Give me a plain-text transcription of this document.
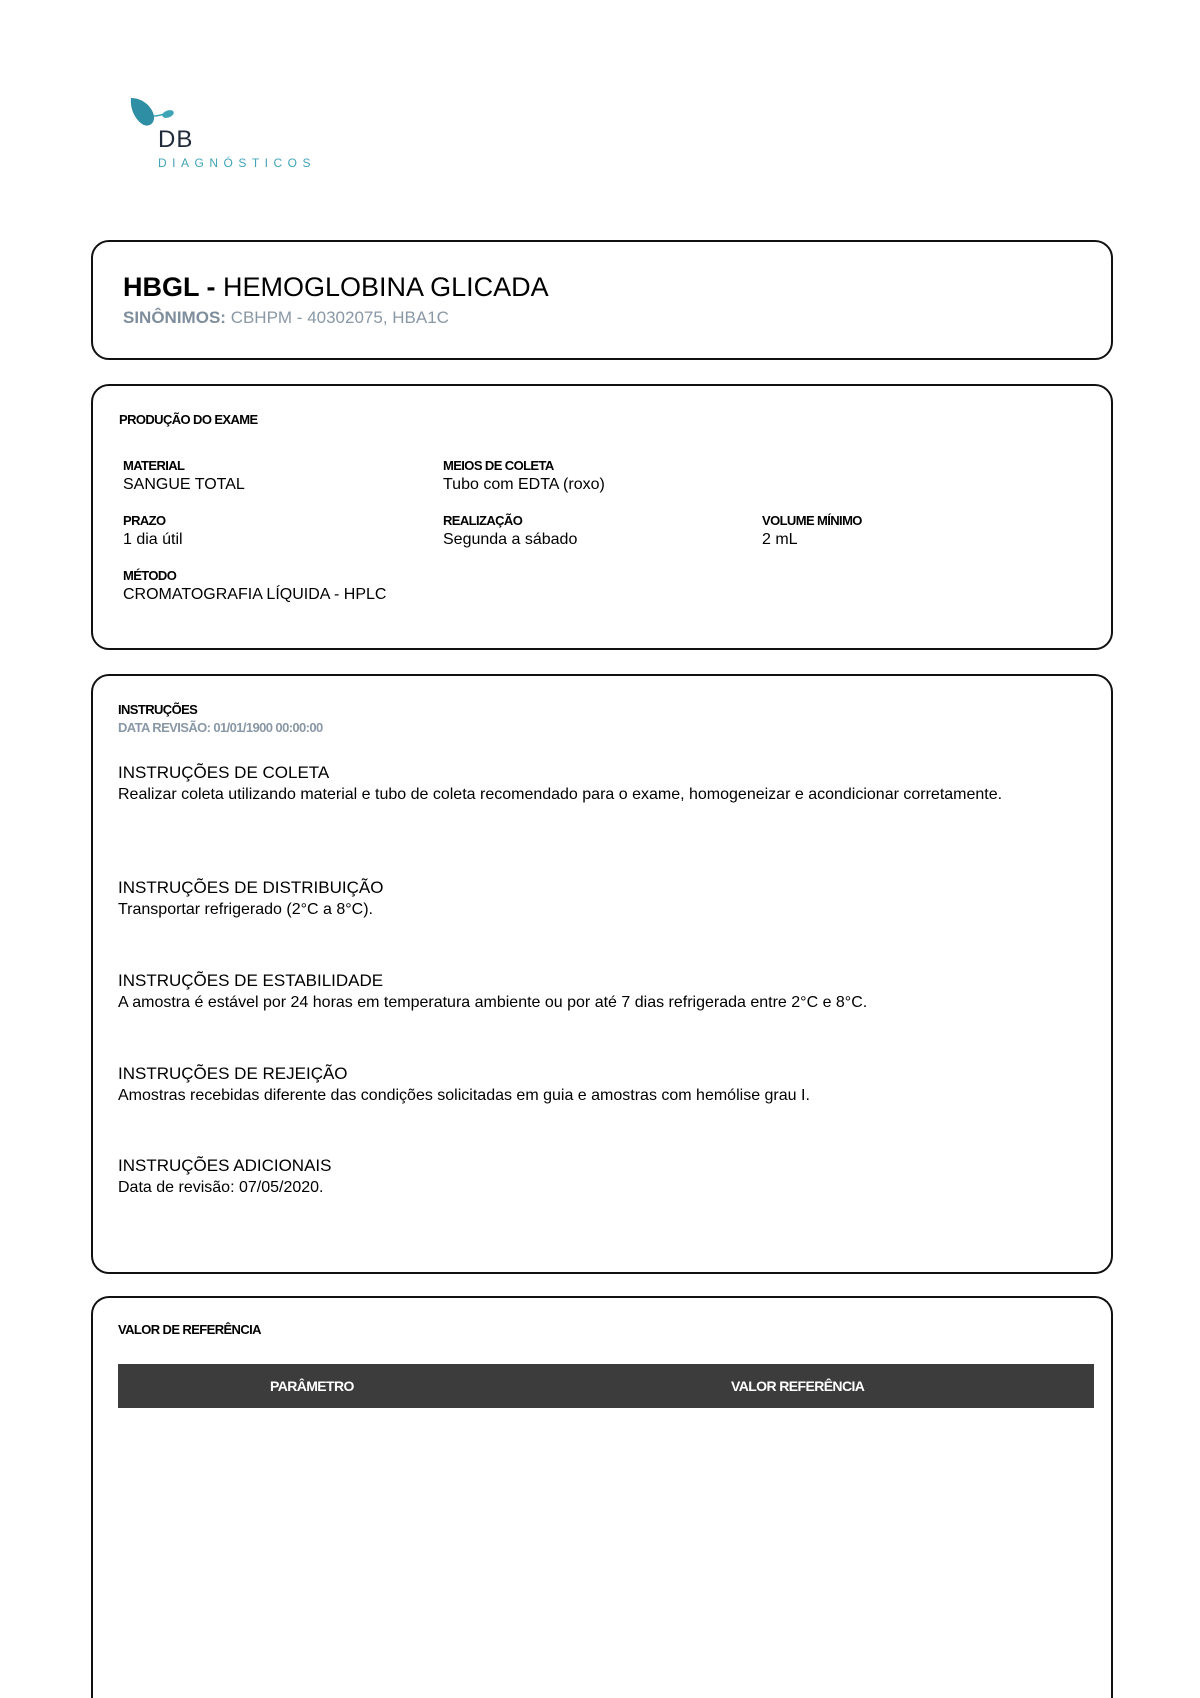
DB
DIAGNÓSTICOS
HBGL - HEMOGLOBINA GLICADA
SINÔNIMOS: CBHPM - 40302075, HBA1C
PRODUÇÃO DO EXAME
MATERIAL
SANGUE TOTAL
MEIOS DE COLETA
Tubo com EDTA (roxo)
PRAZO
1 dia útil
REALIZAÇÃO
Segunda a sábado
VOLUME MÍNIMO
2 mL
MÉTODO
CROMATOGRAFIA LÍQUIDA - HPLC
INSTRUÇÕES
DATA REVISÃO: 01/01/1900 00:00:00
INSTRUÇÕES DE COLETA
Realizar coleta utilizando material e tubo de coleta recomendado para o exame, homogeneizar e acondicionar corretamente.
INSTRUÇÕES DE DISTRIBUIÇÃO
Transportar refrigerado (2°C a 8°C).
INSTRUÇÕES DE ESTABILIDADE
A amostra é estável por 24 horas em temperatura ambiente ou por até 7 dias refrigerada entre 2°C e 8°C.
INSTRUÇÕES DE REJEIÇÃO
Amostras recebidas diferente das condições solicitadas em guia e amostras com hemólise grau I.
INSTRUÇÕES ADICIONAIS
Data de revisão: 07/05/2020.
VALOR DE REFERÊNCIA
PARÂMETRO	VALOR REFERÊNCIA
